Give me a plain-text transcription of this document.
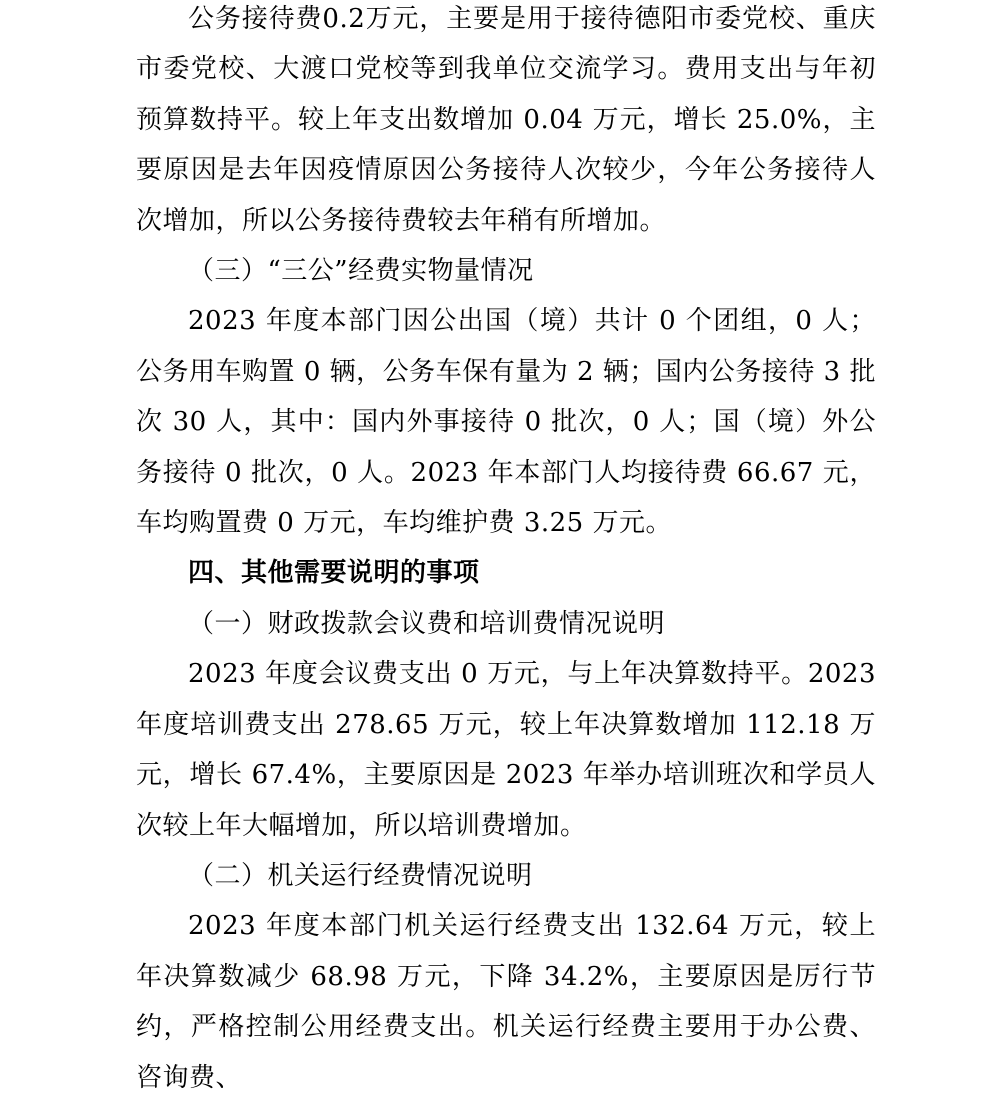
公务接待费0.2万元，主要是用于接待德阳市委党校、重庆市委党校、大渡口党校等到我单位交流学习。费用支出与年初预算数持平。较上年支出数增加 0.04 万元，增长 25.0%，主要原因是去年因疫情原因公务接待人次较少，今年公务接待人次增加，所以公务接待费较去年稍有所增加。

（三）“三公”经费实物量情况

2023 年度本部门因公出国（境）共计 0 个团组，0 人；公务用车购置 0 辆，公务车保有量为 2 辆；国内公务接待 3 批次 30 人，其中：国内外事接待 0 批次，0 人；国（境）外公务接待 0 批次，0 人。2023 年本部门人均接待费 66.67 元，车均购置费 0 万元，车均维护费 3.25 万元。

四、其他需要说明的事项

（一）财政拨款会议费和培训费情况说明

2023 年度会议费支出 0 万元，与上年决算数持平。2023 年度培训费支出 278.65 万元，较上年决算数增加 112.18 万元，增长 67.4%，主要原因是 2023 年举办培训班次和学员人次较上年大幅增加，所以培训费增加。

（二）机关运行经费情况说明

2023 年度本部门机关运行经费支出 132.64 万元，较上年决算数减少 68.98 万元，下降 34.2%，主要原因是厉行节约，严格控制公用经费支出。机关运行经费主要用于办公费、咨询费、
